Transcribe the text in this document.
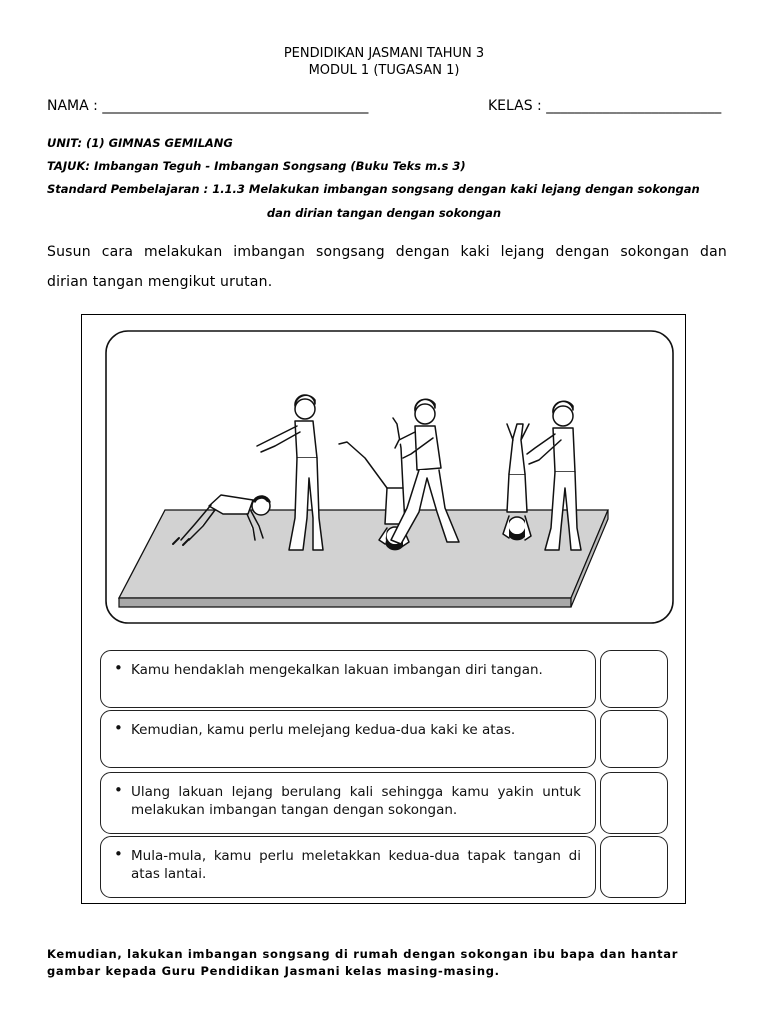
PENDIDIKAN JASMANI TAHUN 3
MODUL 1 (TUGASAN 1)
NAMA : ______________________________________	KELAS : _________________________
UNIT: (1) GIMNAS GEMILANG
TAJUK: Imbangan Teguh - Imbangan Songsang (Buku Teks m.s 3)
Standard Pembelajaran : 1.1.3 Melakukan imbangan songsang dengan kaki lejang dengan sokongan
dan dirian tangan dengan sokongan
Susun cara melakukan imbangan songsang dengan kaki lejang dengan sokongan dan
dirian tangan mengikut urutan.
• Kamu hendaklah mengekalkan lakuan imbangan diri tangan.
• Kemudian, kamu perlu melejang kedua-dua kaki ke atas.
• Ulang lakuan lejang berulang kali sehingga kamu yakin untuk melakukan imbangan tangan dengan sokongan.
• Mula-mula, kamu perlu meletakkan kedua-dua tapak tangan di atas lantai.
Kemudian, lakukan imbangan songsang di rumah dengan sokongan ibu bapa dan hantar
gambar kepada Guru Pendidikan Jasmani kelas masing-masing.
